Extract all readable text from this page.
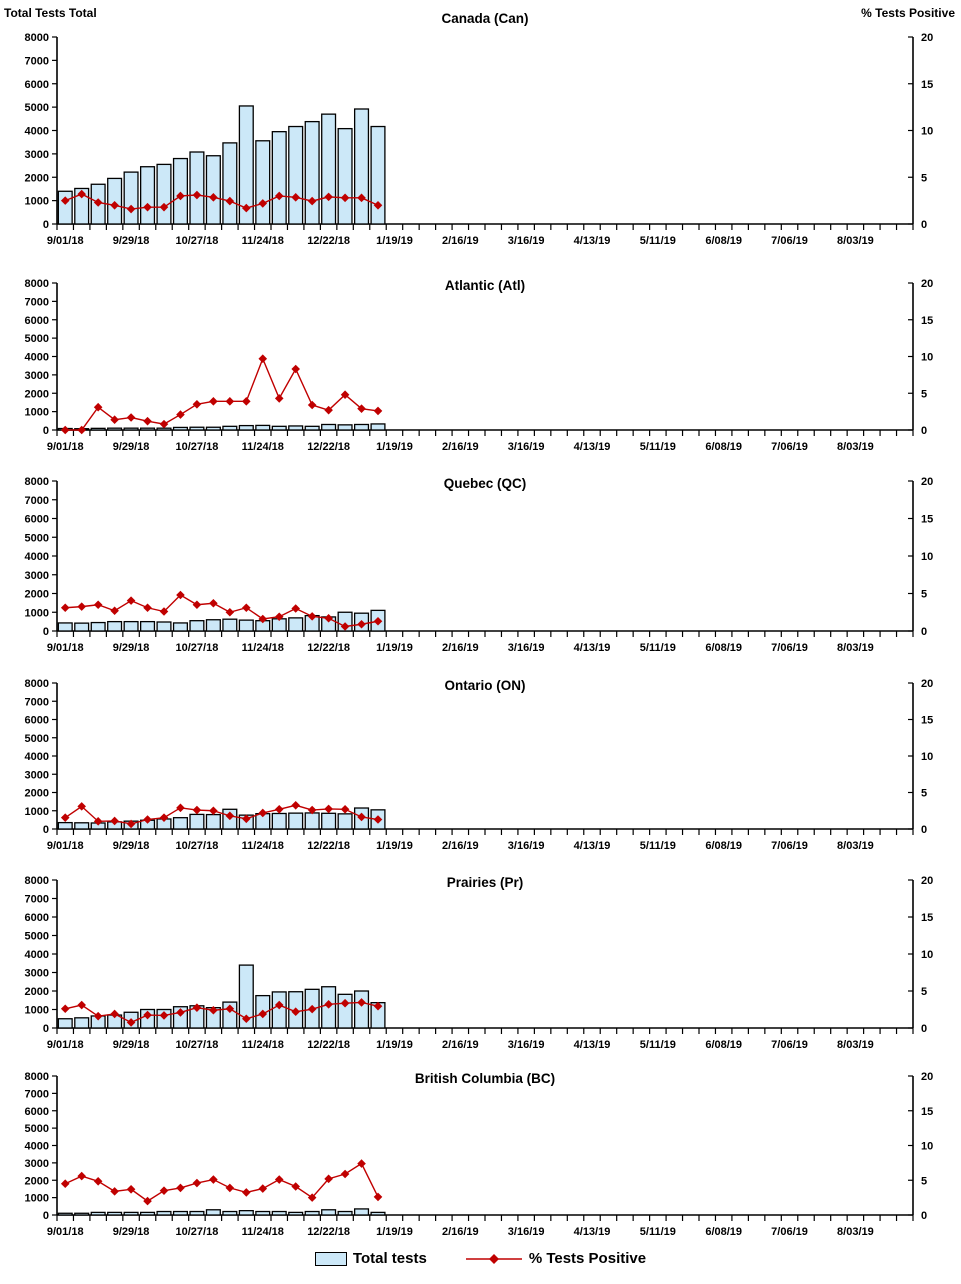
Total Tests Total	% Tests Positive
Canada (Can)
0
1000
2000
3000
4000
5000
6000
7000
8000
0
5
10
15
20
9/01/18	9/29/18 10/27/18 11/24/18 12/22/18 1/19/19	2/16/19	3/16/19	4/13/19	5/11/19	6/08/19	7/06/19	8/03/19
Atlantic (Atl)
0
1000
2000
3000
4000
5000
6000
7000
8000
0
5
10
15
20
9/01/18	9/29/18 10/27/18 11/24/18 12/22/18 1/19/19	2/16/19	3/16/19	4/13/19	5/11/19	6/08/19	7/06/19	8/03/19
Quebec (QC)
0
1000
2000
3000
4000
5000
6000
7000
8000
0
5
10
15
20
9/01/18	9/29/18 10/27/18 11/24/18 12/22/18 1/19/19	2/16/19	3/16/19	4/13/19	5/11/19	6/08/19	7/06/19	8/03/19
Ontario (ON)
0
1000
2000
3000
4000
5000
6000
7000
8000
0
5
10
15
20
9/01/18	9/29/18 10/27/18 11/24/18 12/22/18 1/19/19	2/16/19	3/16/19	4/13/19	5/11/19	6/08/19	7/06/19	8/03/19
Prairies (Pr)
0
1000
2000
3000
4000
5000
6000
7000
8000
0
5
10
15
20
9/01/18	9/29/18 10/27/18 11/24/18 12/22/18 1/19/19	2/16/19	3/16/19	4/13/19	5/11/19	6/08/19	7/06/19	8/03/19
British Columbia (BC)
0
1000
2000
3000
4000
5000
6000
7000
8000
0
5
10
15
20
9/01/18	9/29/18 10/27/18 11/24/18 12/22/18 1/19/19	2/16/19	3/16/19	4/13/19	5/11/19	6/08/19	7/06/19	8/03/19
Total tests	% Tests Positive
